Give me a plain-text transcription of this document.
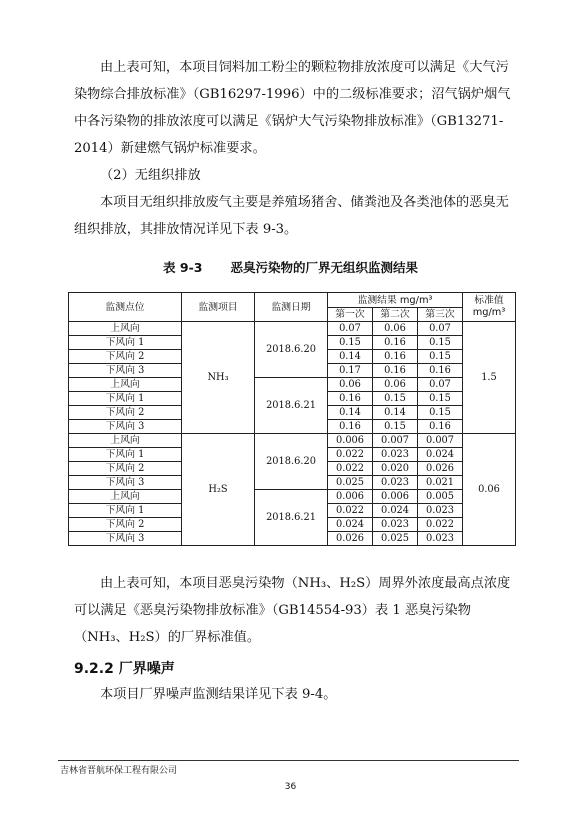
由上表可知，本项目饲料加工粉尘的颗粒物排放浓度可以满足《大气污染物综合排放标准》（GB16297-1996）中的二级标准要求；沼气锅炉烟气中各污染物的排放浓度可以满足《锅炉大气污染物排放标准》（GB13271-2014）新建燃气锅炉标准要求。

（2）无组织排放

本项目无组织排放废气主要是养殖场猪舍、储粪池及各类池体的恶臭无组织排放，其排放情况详见下表 9-3。

表 9-3 恶臭污染物的厂界无组织监测结果
监测点位	监测项目	监测日期	监测结果 mg/m³			标准值 mg/m³
			第一次	第二次	第三次	
上风向	NH₃	2018.6.20	0.07	0.06	0.07	1.5
下风向 1			0.15	0.16	0.15	
下风向 2			0.14	0.16	0.15	
下风向 3			0.17	0.16	0.16	
上风向		2018.6.21	0.06	0.06	0.07	
下风向 1			0.16	0.15	0.15	
下风向 2			0.14	0.14	0.15	
下风向 3			0.16	0.15	0.16	
上风向	H₂S	2018.6.20	0.006	0.007	0.007	0.06
下风向 1			0.022	0.023	0.024	
下风向 2			0.022	0.020	0.026	
下风向 3			0.025	0.023	0.021	
上风向		2018.6.21	0.006	0.006	0.005	
下风向 1			0.022	0.024	0.023	
下风向 2			0.024	0.023	0.022	
下风向 3			0.026	0.025	0.023	

由上表可知，本项目恶臭污染物（NH₃、H₂S）周界外浓度最高点浓度可以满足《恶臭污染物排放标准》（GB14554-93）表 1 恶臭污染物（NH₃、H₂S）的厂界标准值。

9.2.2 厂界噪声

本项目厂界噪声监测结果详见下表 9-4。

吉林省晋航环保工程有限公司
36
